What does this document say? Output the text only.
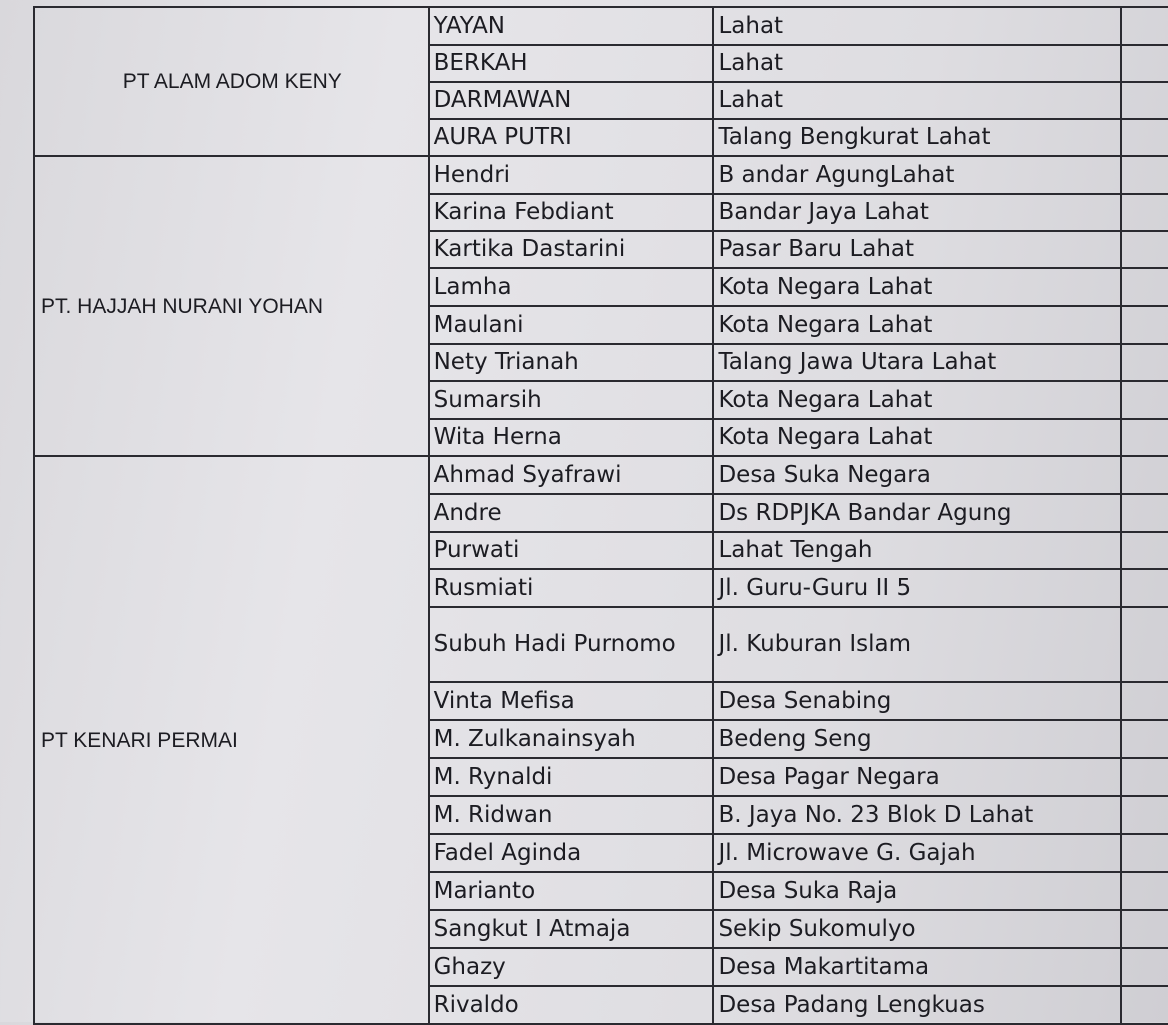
PT ALAM ADOM KENY	YAYAN	Lahat	
	BERKAH	Lahat	
	DARMAWAN	Lahat	
	AURA PUTRI	Talang Bengkurat Lahat	
PT. HAJJAH NURANI YOHAN	Hendri	B andar AgungLahat	
	Karina Febdiant	Bandar Jaya Lahat	
	Kartika Dastarini	Pasar Baru Lahat	
	Lamha	Kota Negara Lahat	
	Maulani	Kota Negara Lahat	
	Nety Trianah	Talang Jawa Utara Lahat	
	Sumarsih	Kota Negara Lahat	
	Wita Herna	Kota Negara Lahat	
PT KENARI PERMAI	Ahmad Syafrawi	Desa Suka Negara	
	Andre	Ds RDPJKA Bandar Agung	
	Purwati	Lahat Tengah	
	Rusmiati	Jl. Guru-Guru II 5	
	Subuh Hadi Purnomo	Jl. Kuburan Islam	
	Vinta Mefisa	Desa Senabing	
	M. Zulkanainsyah	Bedeng Seng	
	M. Rynaldi	Desa Pagar Negara	
	M. Ridwan	B. Jaya No. 23 Blok D Lahat	
	Fadel Aginda	Jl. Microwave G. Gajah	
	Marianto	Desa Suka Raja	
	Sangkut I Atmaja	Sekip Sukomulyo	
	Ghazy	Desa Makartitama	
	Rivaldo	Desa Padang Lengkuas	
